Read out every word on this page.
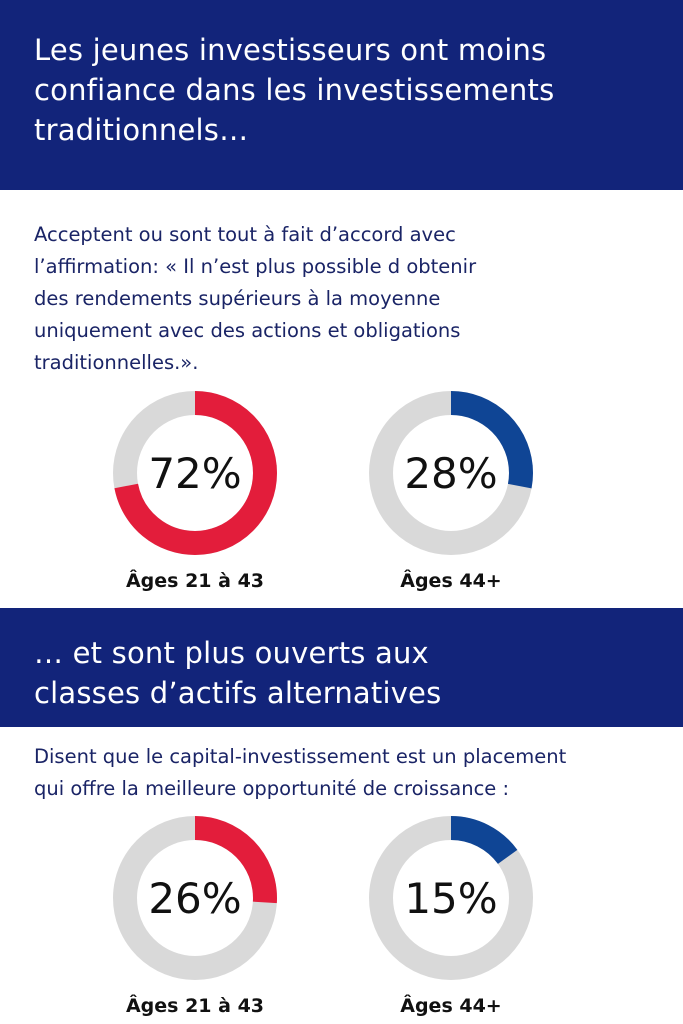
Les jeunes investisseurs ont moins
confiance dans les investissements
traditionnels…

Acceptent ou sont tout à fait d’accord avec
l’affirmation: « Il n’est plus possible d obtenir
des rendements supérieurs à la moyenne
uniquement avec des actions et obligations
traditionnelles.».

72%
Âges 21 à 43
28%
Âges 44+
… et sont plus ouverts aux
classes d’actifs alternatives

Disent que le capital-investissement est un placement
qui offre la meilleure opportunité de croissance :

26%
Âges 21 à 43
15%
Âges 44+
